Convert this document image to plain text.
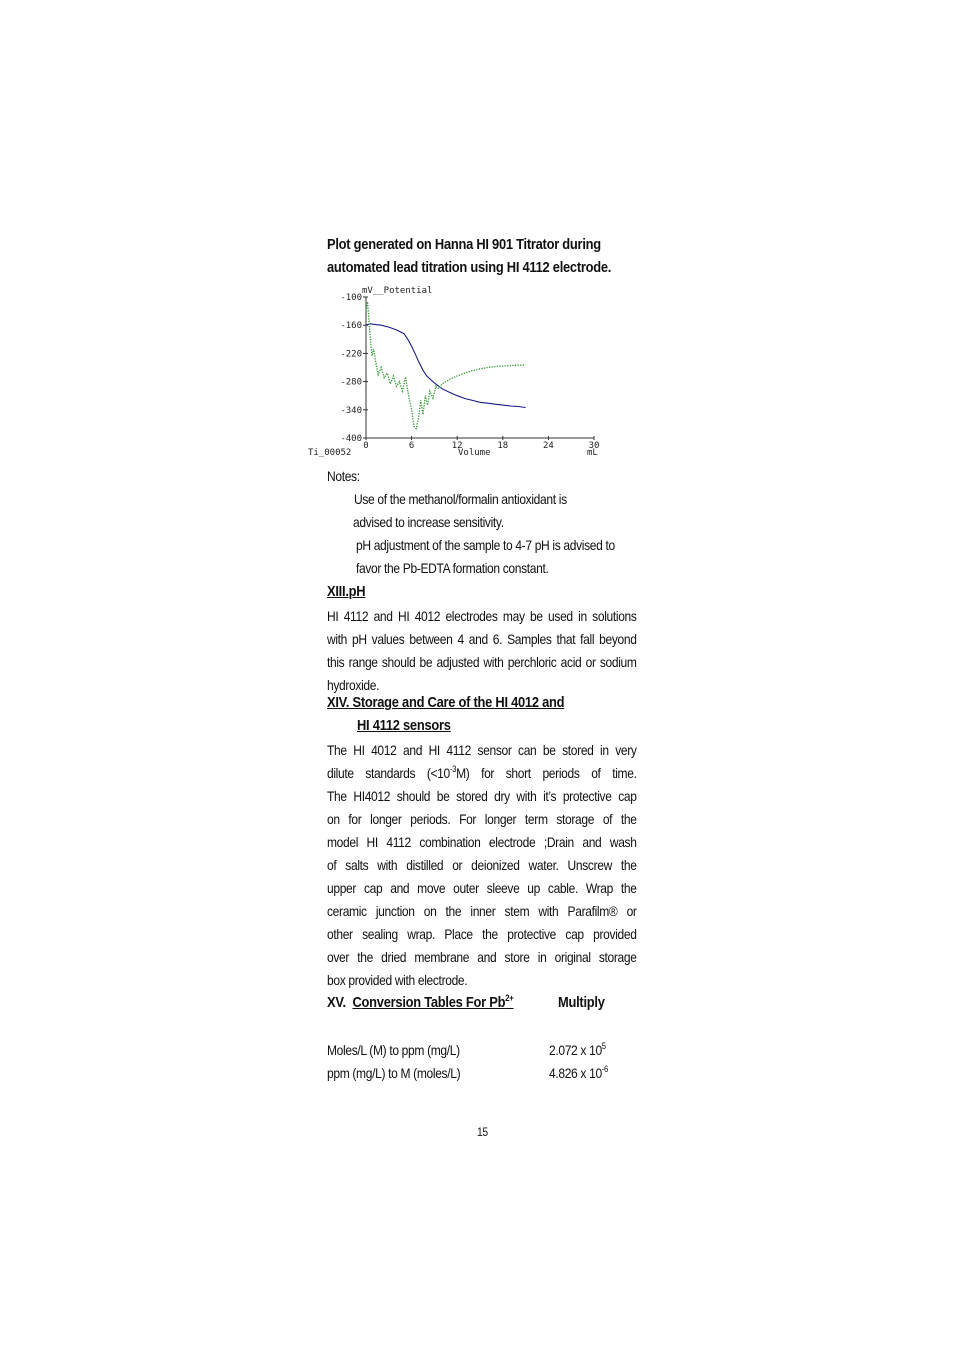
Plot generated on Hanna HI 901 Titrator during
automated lead titration using HI 4112 electrode.
mV__Potential
-100
-160
-220
-280
-340
-400
0	6	12	18	24	30
Ti_00052	Volume	mL
Notes:
Use of the methanol/formalin antioxidant is
advised to increase sensitivity.
pH adjustment of the sample to 4-7 pH is advised to
favor the Pb-EDTA formation constant.
XIII.pH
HI 4112 and HI 4012 electrodes may be used in solutions
with pH values between 4 and 6. Samples that fall beyond
this range should be adjusted with perchloric acid or sodium
hydroxide.
XIV. Storage and Care of the HI 4012 and
HI 4112 sensors
The HI 4012 and HI 4112 sensor can be stored in very
dilute standards $(<10^{-3}M)$ for short periods of time.
The HI4012 should be stored dry with it’s protective cap
on for longer periods. For longer term storage of the
model HI 4112 combination electrode ;Drain and wash
of salts with distilled or deionized water. Unscrew the
upper cap and move outer sleeve up cable. Wrap the
ceramic junction on the inner stem with Parafilm® or
other sealing wrap. Place the protective cap provided
over the dried membrane and store in original storage
box provided with electrode.
XV. Conversion Tables For $Pb^{2+}$	Multiply
Moles/L (M) to ppm (mg/L)	2.072 x $10^5$
ppm (mg/L) to M (moles/L)	4.826 x $10^{-6}$
15
